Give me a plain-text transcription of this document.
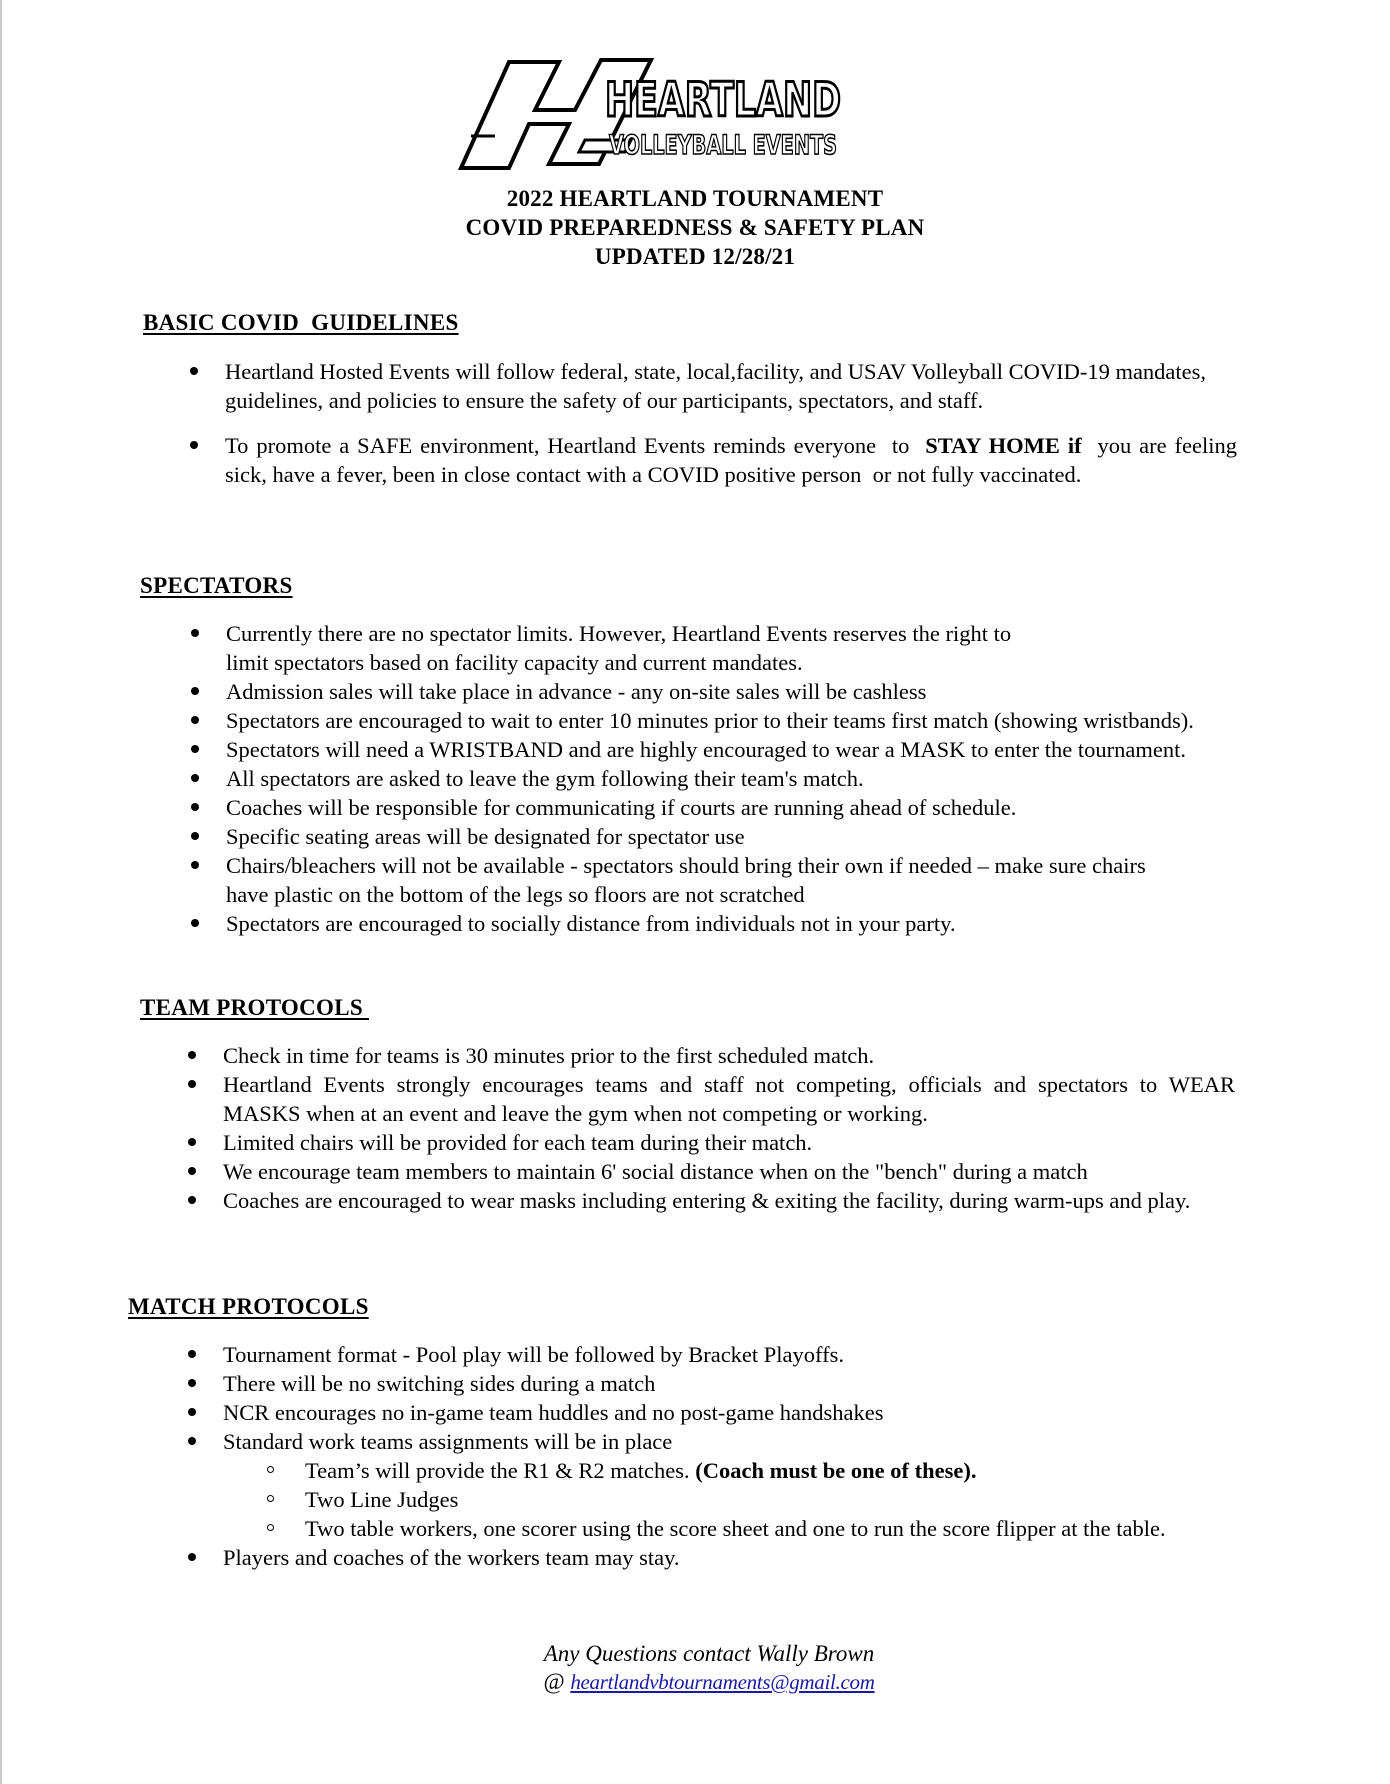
HEARTLAND
VOLLEYBALL EVENTS
2022 HEARTLAND TOURNAMENT
COVID PREPAREDNESS & SAFETY PLAN
UPDATED 12/28/21
BASIC COVID  GUIDELINES
Heartland Hosted Events will follow federal, state, local,facility, and USAV Volleyball COVID-19 mandates, guidelines, and policies to ensure the safety of our participants, spectators, and staff.
To promote a SAFE environment, Heartland Events reminds everyone  to  STAY HOME if  you are feeling sick, have a fever, been in close contact with a COVID positive person  or not fully vaccinated.
SPECTATORS
Currently there are no spectator limits. However, Heartland Events reserves the right to
limit spectators based on facility capacity and current mandates.
Admission sales will take place in advance - any on-site sales will be cashless
Spectators are encouraged to wait to enter 10 minutes prior to their teams first match (showing wristbands).
Spectators will need a WRISTBAND and are highly encouraged to wear a MASK to enter the tournament.
All spectators are asked to leave the gym following their team's match.
Coaches will be responsible for communicating if courts are running ahead of schedule.
Specific seating areas will be designated for spectator use
Chairs/bleachers will not be available - spectators should bring their own if needed – make sure chairs
have plastic on the bottom of the legs so floors are not scratched
Spectators are encouraged to socially distance from individuals not in your party.
TEAM PROTOCOLS
Check in time for teams is 30 minutes prior to the first scheduled match.
Heartland Events strongly encourages teams and staff not competing, officials and spectators to WEAR MASKS when at an event and leave the gym when not competing or working.
Limited chairs will be provided for each team during their match.
We encourage team members to maintain 6' social distance when on the "bench" during a match
Coaches are encouraged to wear masks including entering & exiting the facility, during warm-ups and play.
MATCH PROTOCOLS
Tournament format - Pool play will be followed by Bracket Playoffs.
There will be no switching sides during a match
NCR encourages no in-game team huddles and no post-game handshakes
Standard work teams assignments will be in place
Team’s will provide the R1 & R2 matches. (Coach must be one of these).
Two Line Judges
Two table workers, one scorer using the score sheet and one to run the score flipper at the table.
Players and coaches of the workers team may stay.
Any Questions contact Wally Brown
@ heartlandvbtournaments@gmail.com
